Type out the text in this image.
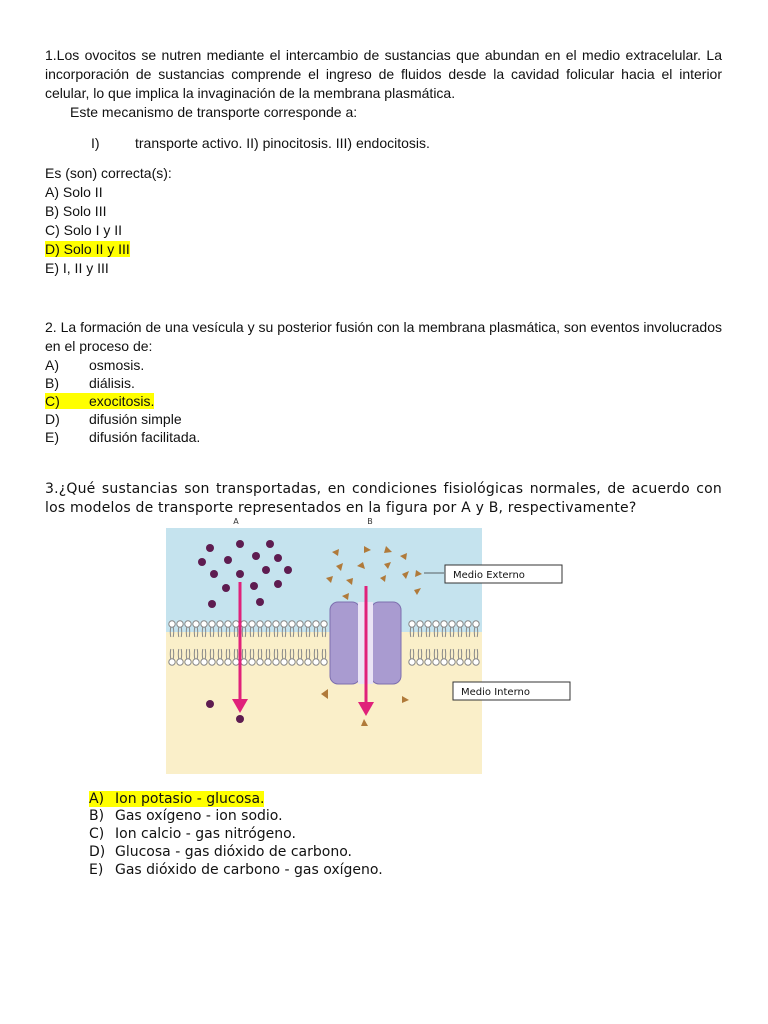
1.Los ovocitos se nutren mediante el intercambio de sustancias que abundan en el medio extracelular. La incorporación de sustancias comprende el ingreso de fluidos desde la cavidad folicular hacia el interior celular, lo que implica la invaginación de la membrana plasmática.
Este mecanismo de transporte corresponde a:
I)	transporte activo. II) pinocitosis. III) endocitosis.
Es (son) correcta(s):
A) Solo II
B) Solo III
C) Solo I y II
D) Solo II y III
E) I, II y III
2. La formación de una vesícula y su posterior fusión con la membrana plasmática, son eventos involucrados en el proceso de:
A) osmosis.
B) diálisis.
C) exocitosis.
D) difusión simple
E) difusión facilitada.
3.¿Qué sustancias son transportadas, en condiciones fisiológicas normales, de acuerdo con los modelos de transporte representados en la figura por A y B, respectivamente?
A	B
Medio Externo
Medio Interno
A) Ion potasio - glucosa.
B) Gas oxígeno - ion sodio.
C) Ion calcio - gas nitrógeno.
D) Glucosa - gas dióxido de carbono.
E) Gas dióxido de carbono - gas oxígeno.
